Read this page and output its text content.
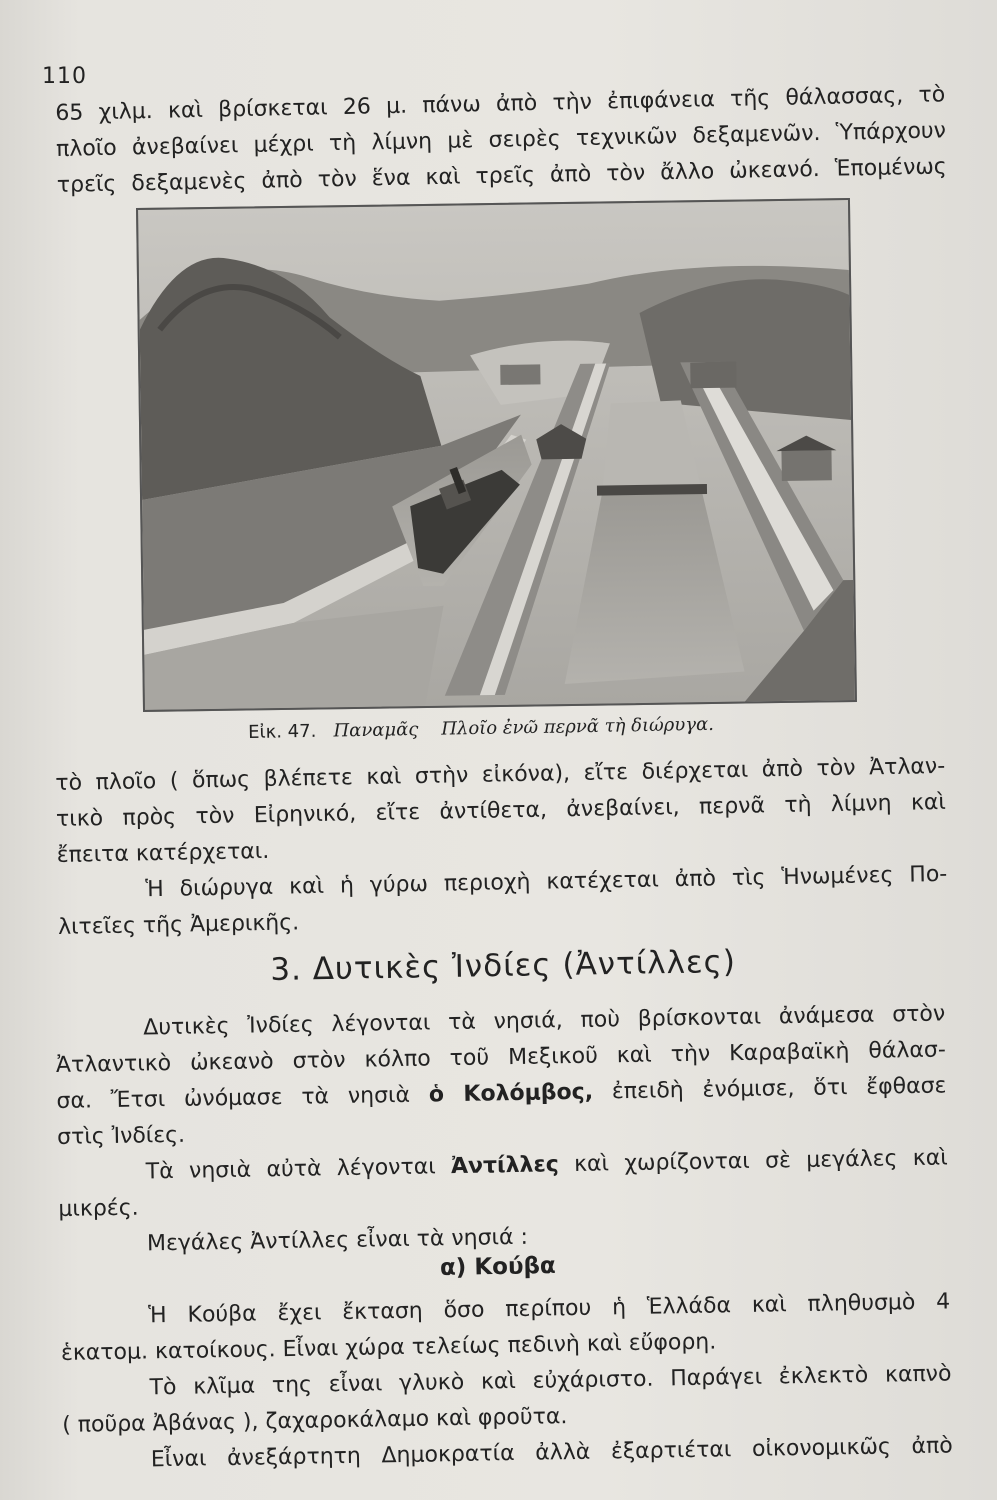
110
65 χιλμ. καὶ βρίσκεται 26 μ. πάνω ἀπὸ τὴν ἐπιφάνεια τῆς θάλασσας, τὸ
πλοῖο ἀνεβαίνει μέχρι τὴ λίμνη μὲ σειρὲς τεχνικῶν δεξαμενῶν. Ὑπάρχουν
τρεῖς δεξαμενὲς ἀπὸ τὸν ἕνα καὶ τρεῖς ἀπὸ τὸν ἄλλο ὠκεανό. Ἑπομένως
Εἰκ. 47. Παναμᾶς Πλοῖο ἐνῶ περνᾶ τὴ διώρυγα.
τὸ πλοῖο ( ὅπως βλέπετε καὶ στὴν εἰκόνα), εἴτε διέρχεται ἀπὸ τὸν Ἀτλαν-
τικὸ πρὸς τὸν Εἰρηνικό, εἴτε ἀντίθετα, ἀνεβαίνει, περνᾶ τὴ λίμνη καὶ
ἔπειτα κατέρχεται.
Ἡ διώρυγα καὶ ἡ γύρω περιοχὴ κατέχεται ἀπὸ τὶς Ἡνωμένες Πο-
λιτεῖες τῆς Ἀμερικῆς.
3. Δυτικὲς Ἰνδίες (Ἀντίλλες)
Δυτικὲς Ἰνδίες λέγονται τὰ νησιά, ποὺ βρίσκονται ἀνάμεσα στὸν
Ἀτλαντικὸ ὠκεανὸ στὸν κόλπο τοῦ Μεξικοῦ καὶ τὴν Καραβαϊκὴ θάλασ-
σα. Ἔτσι ὠνόμασε τὰ νησιὰ ὁ Κολόμβος, ἐπειδὴ ἐνόμισε, ὅτι ἔφθασε
στὶς Ἰνδίες.
Τὰ νησιὰ αὐτὰ λέγονται Ἀντίλλες καὶ χωρίζονται σὲ μεγάλες καὶ
μικρές.
Μεγάλες Ἀντίλλες εἶναι τὰ νησιά :

Ἡ Κούβα ἔχει ἔκταση ὅσο περίπου ἡ Ἑλλάδα καὶ πληθυσμὸ 4
ἑκατομ. κατοίκους. Εἶναι χώρα τελείως πεδινὴ καὶ εὔφορη.
Τὸ κλῖμα της εἶναι γλυκὸ καὶ εὐχάριστο. Παράγει ἐκλεκτὸ καπνὸ
( ποῦρα Ἀβάνας ), ζαχαροκάλαμο καὶ φροῦτα.
Εἶναι ἀνεξάρτητη Δημοκρατία ἀλλὰ ἐξαρτιέται οἰκονομικῶς ἀπὸ
α) Κούβα
